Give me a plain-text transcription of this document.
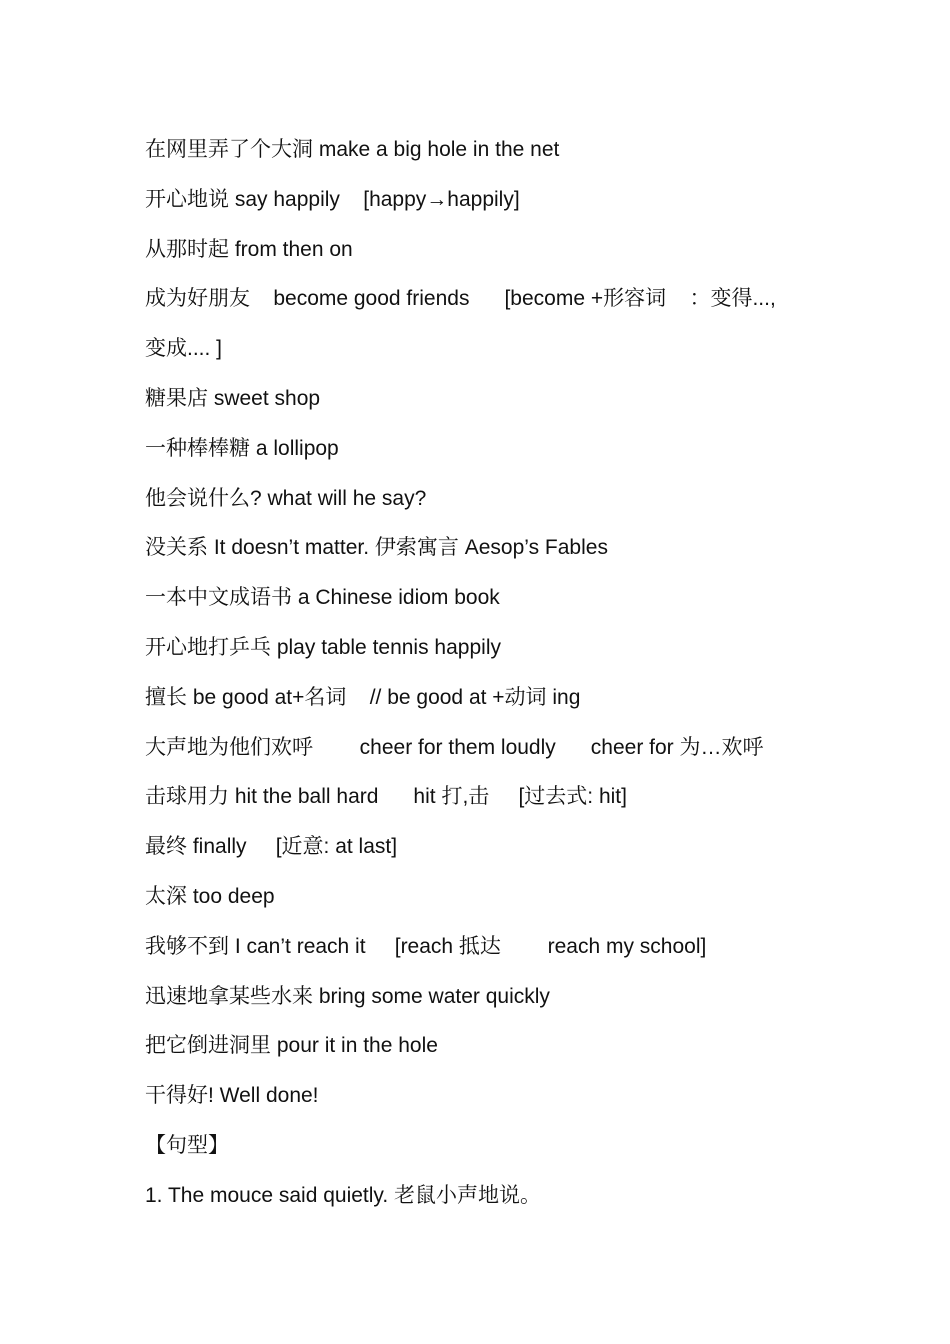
在网里弄了个大洞 make a big hole in the net
开心地说 say happily    [happy→happily]
从那时起 from then on
成为好朋友    become good friends      [become +形容词    ：变得...,
变成.... ]
糖果店 sweet shop
一种棒棒糖 a lollipop
他会说什么? what will he say?
没关系 It doesn’t matter. 伊索寓言 Aesop’s Fables
一本中文成语书 a Chinese idiom book
开心地打乒乓 play table tennis happily
擅长 be good at+名词    // be good at +动词 ing
大声地为他们欢呼        cheer for them loudly      cheer for 为…欢呼
击球用力 hit the ball hard      hit 打,击     [过去式: hit]
最终 finally     [近意: at last]
太深 too deep
我够不到 I can’t reach it     [reach 抵达        reach my school]
迅速地拿某些水来 bring some water quickly
把它倒进洞里 pour it in the hole
干得好! Well done!
【句型】
1. The mouce said quietly. 老鼠小声地说。
